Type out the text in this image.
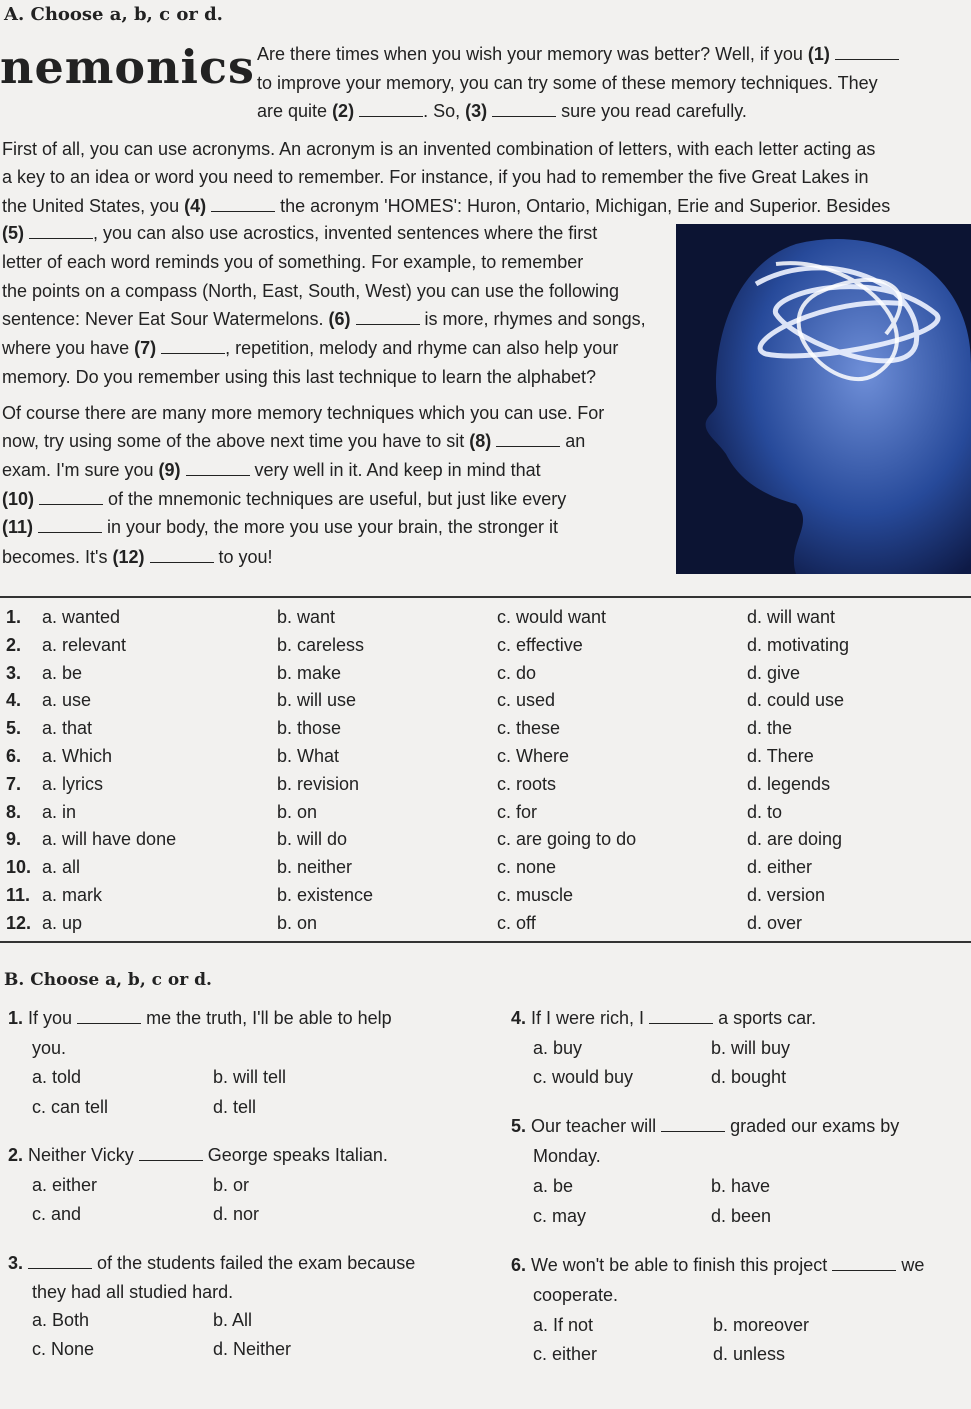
A. Choose a, b, c or d.
nemonics Are there times when you wish your memory was better? Well, if you (1)
to improve your memory, you can try some of these memory techniques. They
are quite (2)	. So, (3)	sure you read carefully.
First of all, you can use acronyms. An acronym is an invented combination of letters, with each letter acting as
a key to an idea or word you need to remember. For instance, if you had to remember the five Great Lakes in
the United States, you (4)	the acronym 'HOMES': Huron, Ontario, Michigan, Erie and Superior. Besides
(5)	, you can also use acrostics, invented sentences where the first
letter of each word reminds you of something. For example, to remember
the points on a compass (North, East, South, West) you can use the following
sentence: Never Eat Sour Watermelons. (6)	is more, rhymes and songs,
where you have (7)	, repetition, melody and rhyme can also help your
memory. Do you remember using this last technique to learn the alphabet?
Of course there are many more memory techniques which you can use. For
now, try using some of the above next time you have to sit (8)	an
exam. I'm sure you (9)	very well in it. And keep in mind that
(10)	of the mnemonic techniques are useful, but just like every
(11)	in your body, the more you use your brain, the stronger it
becomes. It's (12)	to you!
1. a. wanted	b. want	c. would want	d. will want
2. a. relevant	b. careless	c. effective	d. motivating
3. a. be	b. make	c. do	d. give
4. a. use	b. will use	c. used	d. could use
5. a. that	b. those	c. these	d. the
6. a. Which	b. What	c. Where	d. There
7. a. lyrics	b. revision	c. roots	d. legends
8. a. in	b. on	c. for	d. to
9. a. will have done	b. will do	c. are going to do	d. are doing
10. a. all	b. neither	c. none	d. either
11. a. mark	b. existence	c. muscle	d. version
12. a. up	b. on	c. off	d. over
B. Choose a, b, c or d.
1. If you	me the truth, I'll be able to help
you.
a. told	b. will tell
c. can tell	d. tell
2. Neither Vicky	George speaks Italian.
a. either	b. or
c. and	d. nor
3.	of the students failed the exam because
they had all studied hard.
a. Both	b. All
c. None	d. Neither
4. If I were rich, I	a sports car.
a. buy	b. will buy
c. would buy	d. bought
5. Our teacher will	graded our exams by
Monday.
a. be	b. have
c. may	d. been
6. We won't be able to finish this project	we
cooperate.
a. If not	b. moreover
c. either	d. unless
